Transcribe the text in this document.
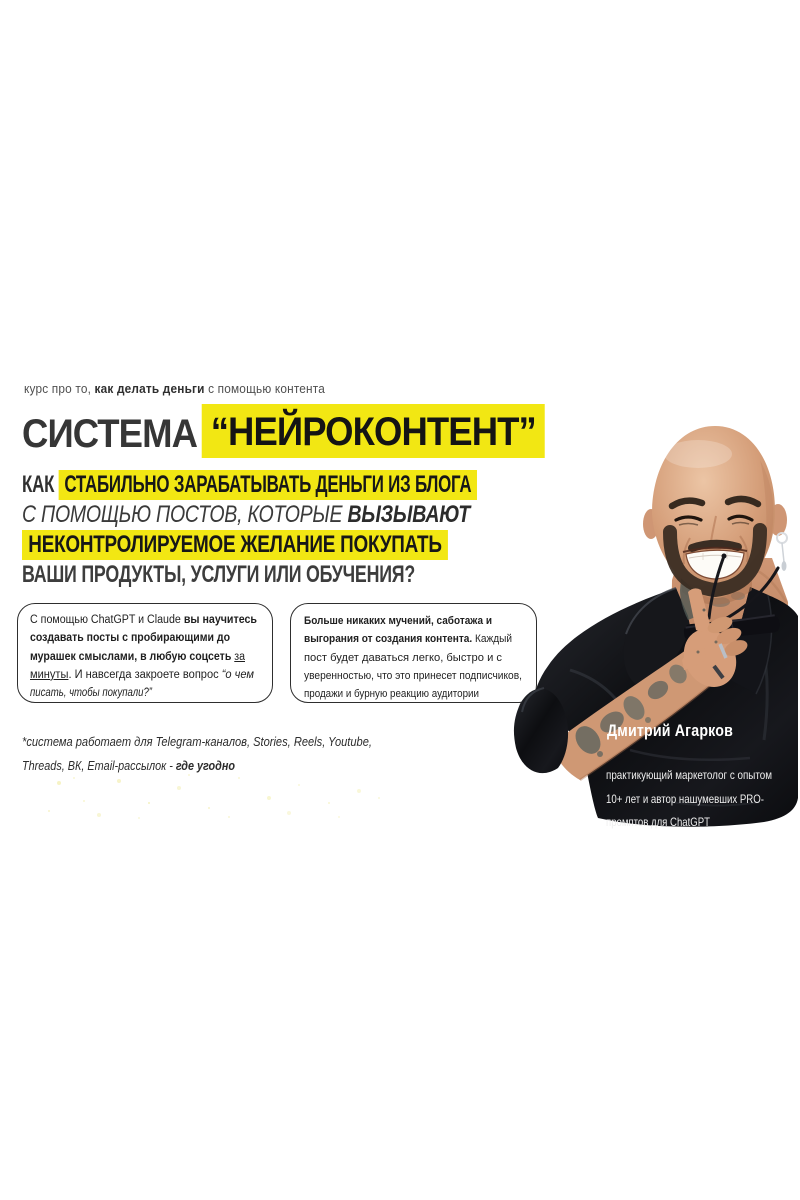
курс про то, как делать деньги с помощью контента
СИСТЕМА “НЕЙРОКОНТЕНТ”
КАК СТАБИЛЬНО ЗАРАБАТЫВАТЬ ДЕНЬГИ ИЗ БЛОГА
С ПОМОЩЬЮ ПОСТОВ, КОТОРЫЕ ВЫЗЫВАЮТ
НЕКОНТРОЛИРУЕМОЕ ЖЕЛАНИЕ ПОКУПАТЬ
ВАШИ ПРОДУКТЫ, УСЛУГИ ИЛИ ОБУЧЕНИЯ?
С помощью ChatGPT и Claude вы научитесь
создавать посты с пробирающими до
мурашек смыслами, в любую соцсеть за
минуты. И навсегда закроете вопрос “о чем
писать, чтобы покупали?”
Больше никаких мучений, саботажа и
выгорания от создания контента. Каждый
пост будет даваться легко, быстро и с
уверенностью, что это принесет подписчиков,
продажи и бурную реакцию аудитории
*система работает для Telegram-каналов, Stories, Reels, Youtube,
Threads, ВК, Email-рассылок - где угодно
Дмитрий Агарков
практикующий маркетолог с опытом
10+ лет и автор нашумевших PRO-
промптов для ChatGPT
